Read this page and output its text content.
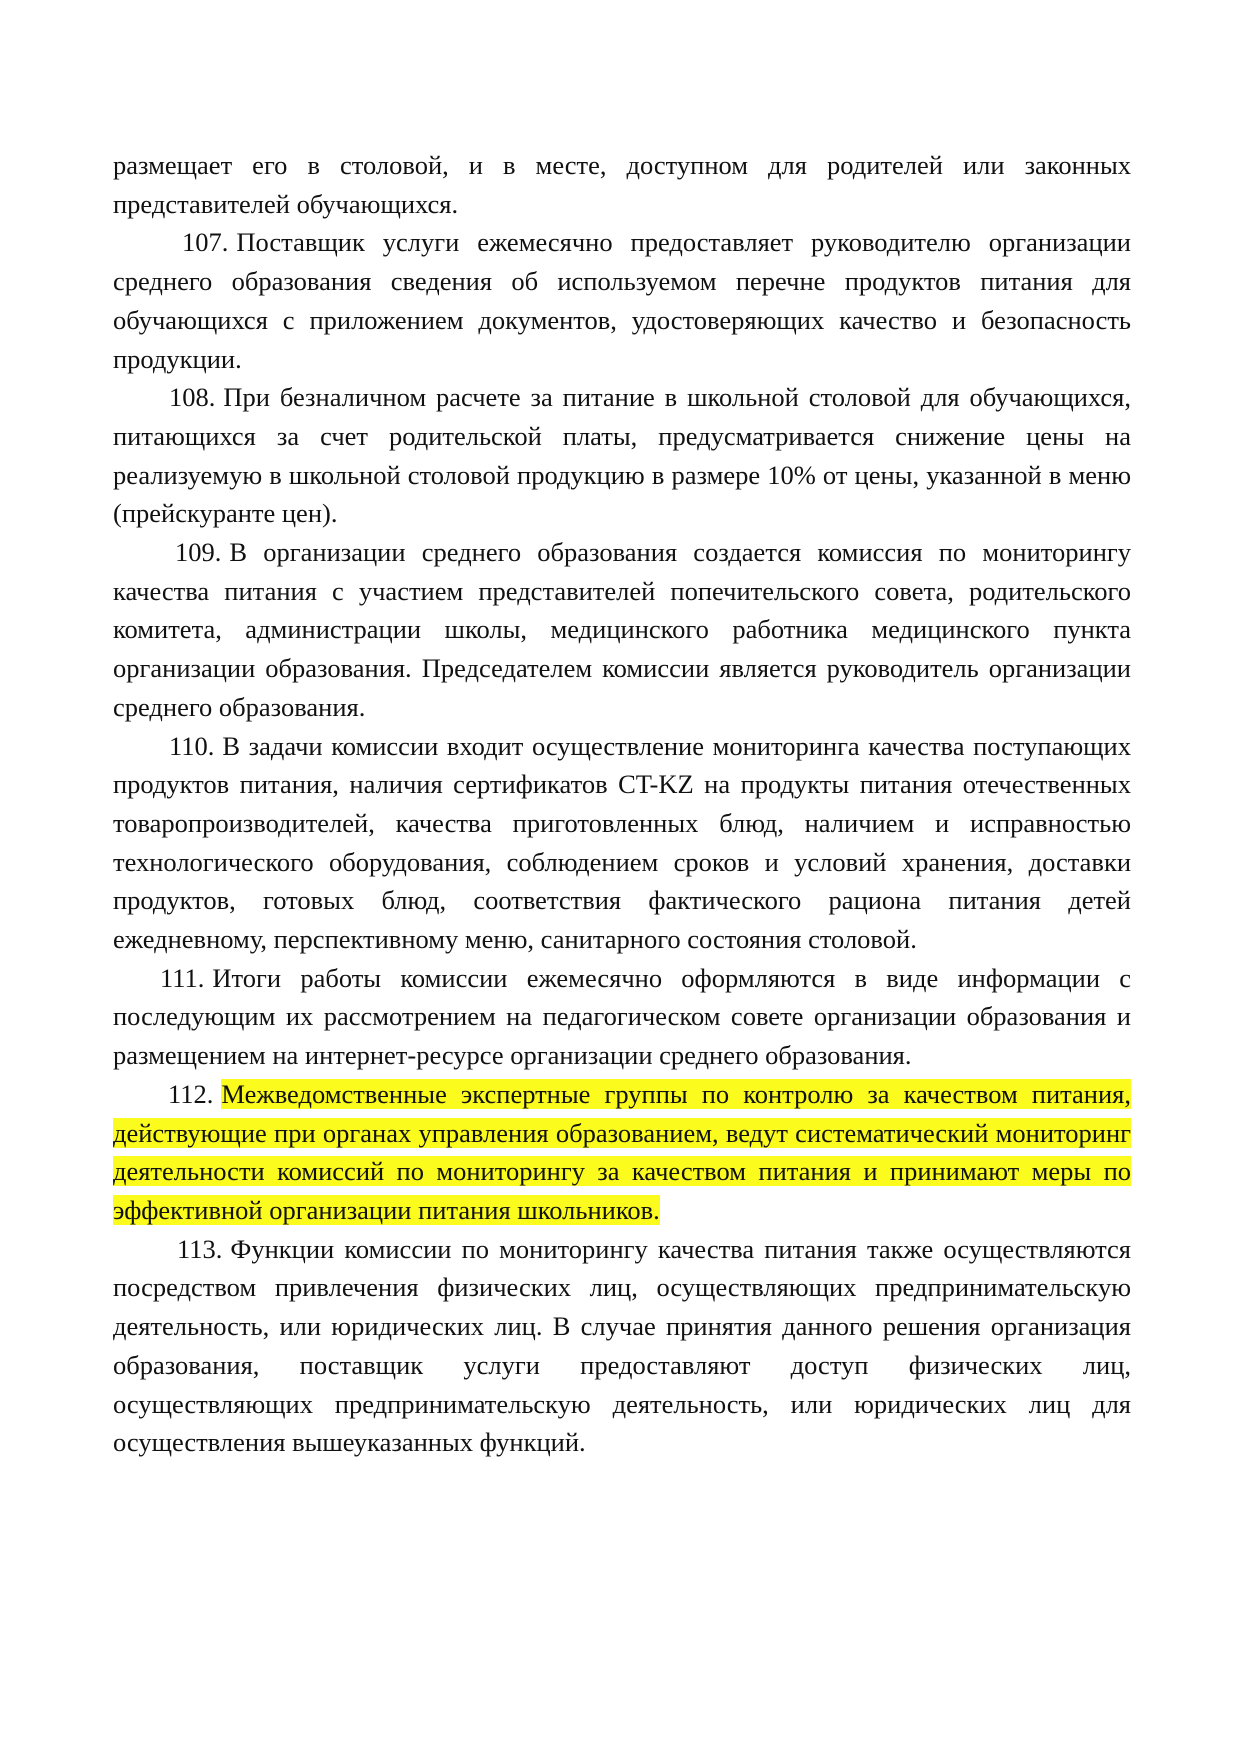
размещает его в столовой, и в месте, доступном для родителей или законных представителей обучающихся.

107. Поставщик услуги ежемесячно предоставляет руководителю организации среднего образования сведения об используемом перечне продуктов питания для обучающихся с приложением документов, удостоверяющих качество и безопасность продукции.

108. При безналичном расчете за питание в школьной столовой для обучающихся, питающихся за счет родительской платы, предусматривается снижение цены на реализуемую в школьной столовой продукцию в размере 10% от цены, указанной в меню (прейскуранте цен).

109. В организации среднего образования создается комиссия по мониторингу качества питания с участием представителей попечительского совета, родительского комитета, администрации школы, медицинского работника медицинского пункта организации образования. Председателем комиссии является руководитель организации среднего образования.

110. В задачи комиссии входит осуществление мониторинга качества поступающих продуктов питания, наличия сертификатов CT-KZ на продукты питания отечественных товаропроизводителей, качества приготовленных блюд, наличием и исправностью технологического оборудования, соблюдением сроков и условий хранения, доставки продуктов, готовых блюд, соответствия фактического рациона питания детей ежедневному, перспективному меню, санитарного состояния столовой.

111. Итоги работы комиссии ежемесячно оформляются в виде информации с последующим их рассмотрением на педагогическом совете организации образования и размещением на интернет-ресурсе организации среднего образования.

112. Межведомственные экспертные группы по контролю за качеством питания, действующие при органах управления образованием, ведут систематический мониторинг деятельности комиссий по мониторингу за качеством питания и принимают меры по эффективной организации питания школьников.

113. Функции комиссии по мониторингу качества питания также осуществляются посредством привлечения физических лиц, осуществляющих предпринимательскую деятельность, или юридических лиц. В случае принятия данного решения организация образования, поставщик услуги предоставляют доступ физических лиц, осуществляющих предпринимательскую деятельность, или юридических лиц для осуществления вышеуказанных функций.
